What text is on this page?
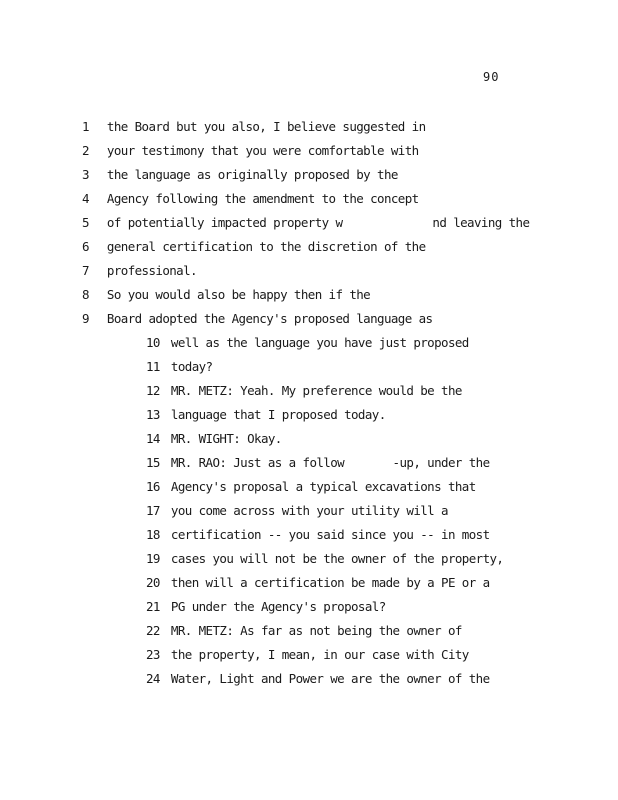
90
1 the Board but you also, I believe suggested in
2 your testimony that you were comfortable with
3 the language as originally proposed by the
4 Agency following the amendment to the concept
5 of potentially impacted property w             nd leaving the
6 general certification to the discretion of the
7 professional.
8 So you would also be happy then if the
9 Board adopted the Agency's proposed language as
10 well as the language you have just proposed
11 today?
12 MR. METZ: Yeah. My preference would be the
13 language that I proposed today.
14 MR. WIGHT: Okay.
15 MR. RAO: Just as a follow       -up, under the
16 Agency's proposal a typical excavations that
17 you come across with your utility will a
18 certification -- you said since you -- in most
19 cases you will not be the owner of the property,
20 then will a certification be made by a PE or a
21 PG under the Agency's proposal?
22 MR. METZ: As far as not being the owner of
23 the property, I mean, in our case with City
24 Water, Light and Power we are the owner of the
